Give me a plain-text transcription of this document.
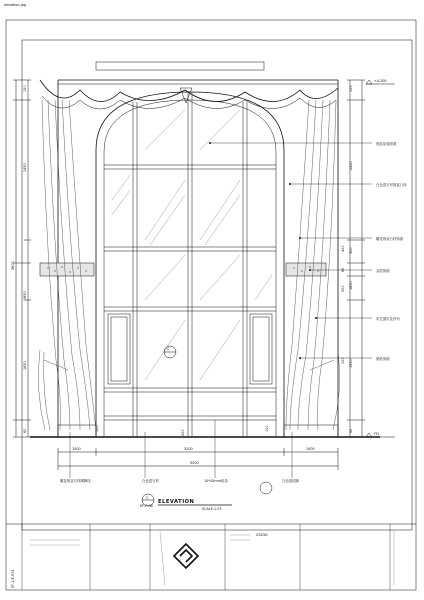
elevation.jpg
C
150
2450
1850
3800
1650
60
100
2450
300
1850
1950
60
400
60
500
100
+4.200
FFL
细挂花镜面窗
白色混石材窗盒口线
雕花纳双石材饰面
金箔饰面
布艺窗帘及纱帘
壁纸饰面
1000	3200	1000
5200
200
100
150
雕花纳双石材踢脚线	白色混石材	10*45mm铝条	白色混柱脚
C
EF-P-06
ELEVATION
SCALE:1:25
EF-1/E-E03
Z3Z3D
